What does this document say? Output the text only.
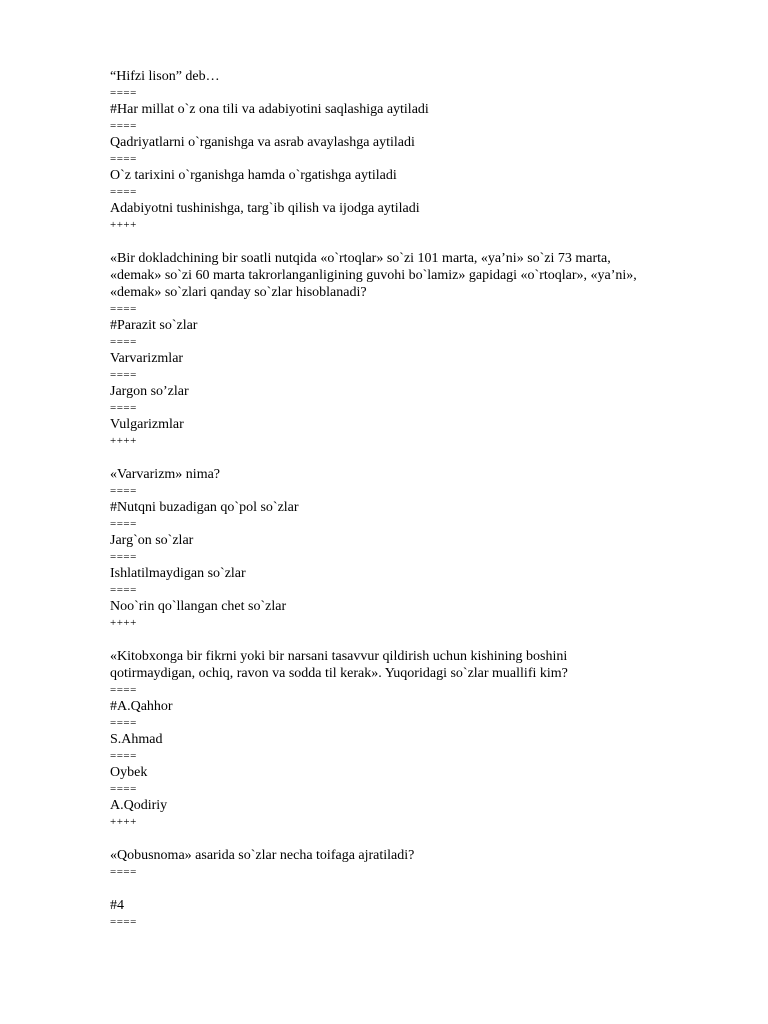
“Hifzi lison” deb…
====
#Har millat o`z ona tili va adabiyotini saqlashiga aytiladi
====
Qadriyatlarni o`rganishga va asrab avaylashga aytiladi
====
O`z tarixini o`rganishga hamda o`rgatishga aytiladi
====
Adabiyotni tushinishga, targ`ib qilish va ijodga aytiladi
++++
«Bir dokladchining bir soatli nutqida «o`rtoqlar» so`zi 101 marta, «ya’ni» so`zi 73 marta,
«demak» so`zi 60 marta takrorlanganligining guvohi bo`lamiz» gapidagi «o`rtoqlar», «ya’ni»,
«demak» so`zlari qanday so`zlar hisoblanadi?
====
#Parazit so`zlar
====
Varvarizmlar
====
Jargon so’zlar
====
Vulgarizmlar
++++
«Varvarizm» nima?
====
#Nutqni buzadigan qo`pol so`zlar
====
Jarg`on so`zlar
====
Ishlatilmaydigan so`zlar
====
Noo`rin qo`llangan chet so`zlar
++++
«Kitobxonga bir fikrni yoki bir narsani tasavvur qildirish uchun kishining boshini
qotirmaydigan, ochiq, ravon va sodda til kerak». Yuqoridagi so`zlar muallifi kim?
====
#A.Qahhor
====
S.Ahmad
====
Oybek
====
A.Qodiriy
++++
«Qobusnoma» asarida so`zlar necha toifaga ajratiladi?
====
#4
====
